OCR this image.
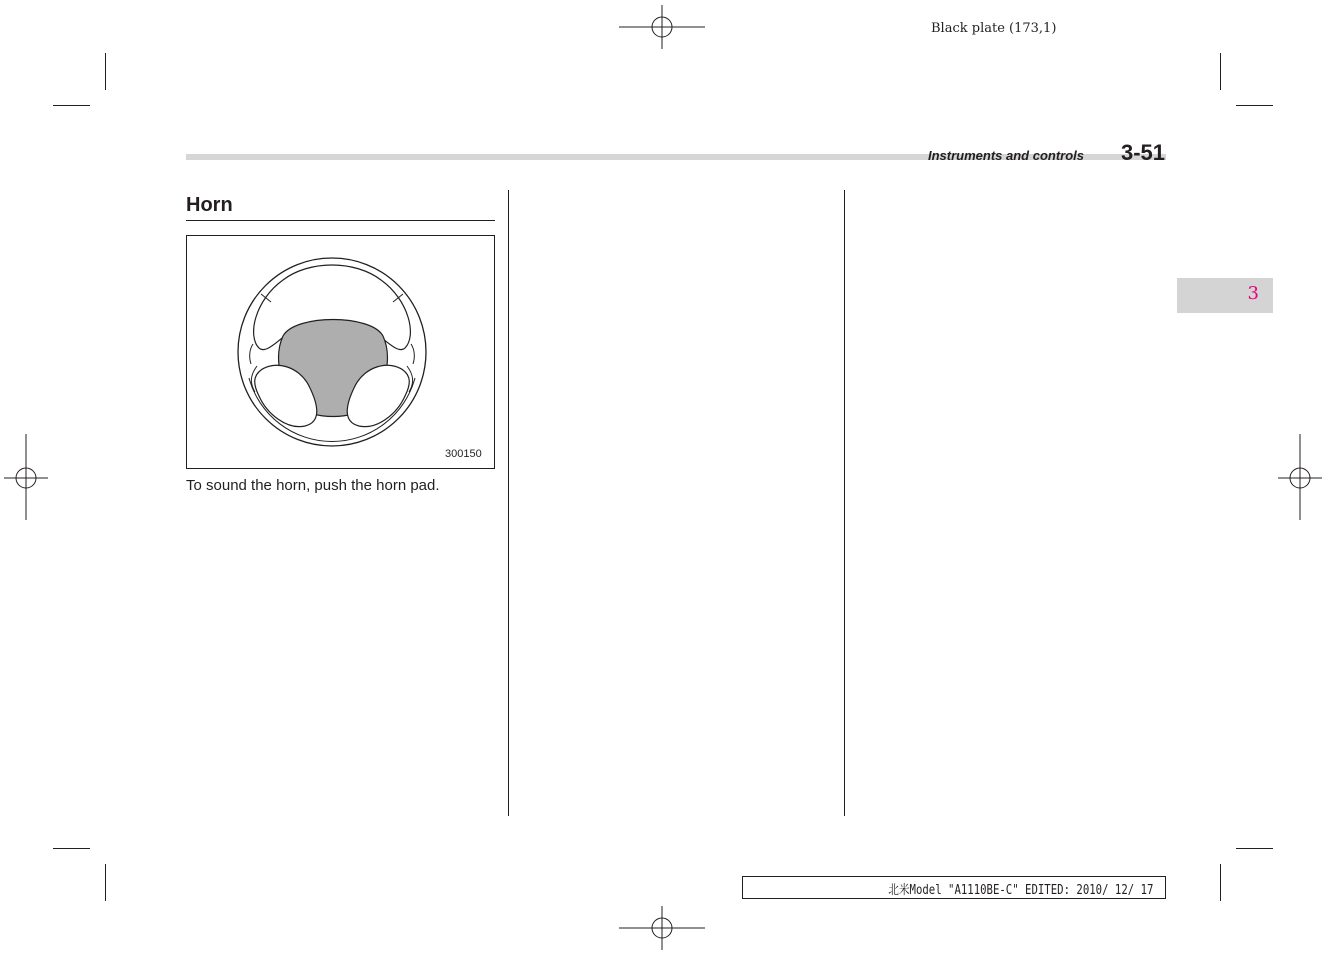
Black plate (173,1)
Instruments and controls 3-51
Horn
300150
To sound the horn, push the horn pad.
3
北米Model "A1110BE-C" EDITED: 2010/ 12/ 17
